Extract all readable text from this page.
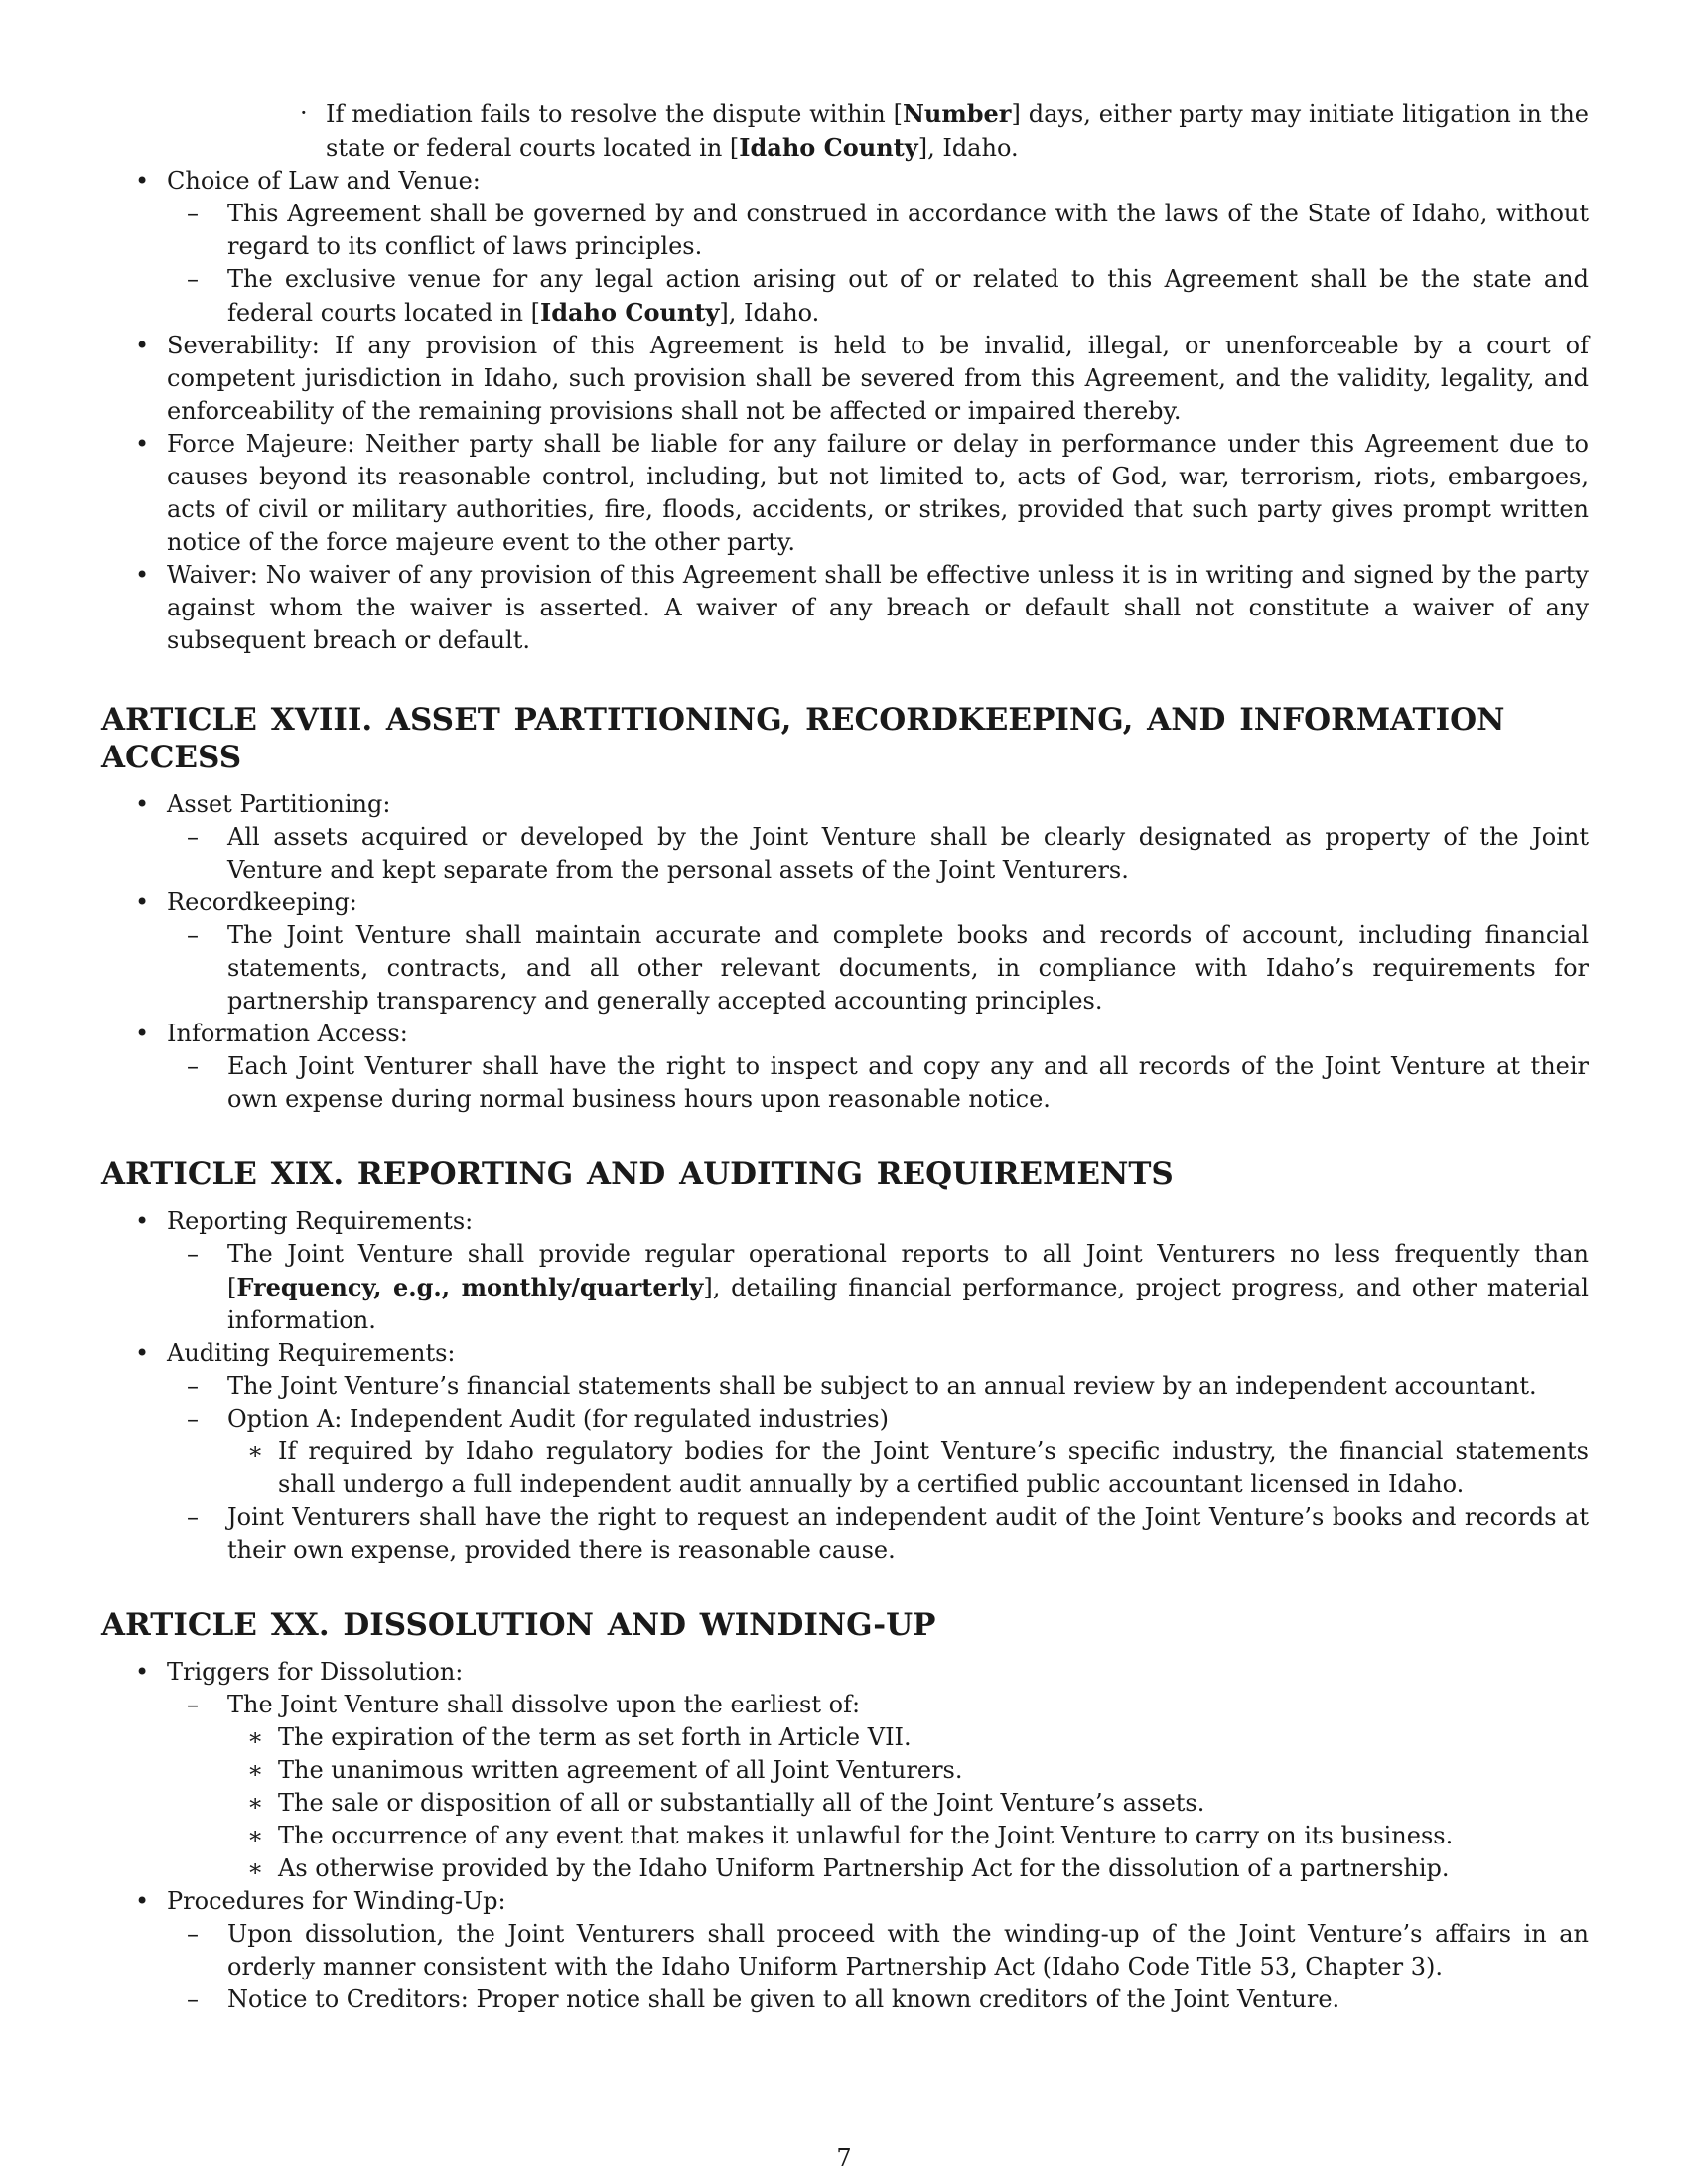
· If mediation fails to resolve the dispute within [Number] days, either party may initiate litigation in the state or federal courts located in [Idaho County], Idaho.
• Choice of Law and Venue:
– This Agreement shall be governed by and construed in accordance with the laws of the State of Idaho, without regard to its conflict of laws principles.
– The exclusive venue for any legal action arising out of or related to this Agreement shall be the state and federal courts located in [Idaho County], Idaho.
• Severability: If any provision of this Agreement is held to be invalid, illegal, or unenforceable by a court of competent jurisdiction in Idaho, such provision shall be severed from this Agreement, and the validity, legality, and enforceability of the remaining provisions shall not be affected or impaired thereby.
• Force Majeure: Neither party shall be liable for any failure or delay in performance under this Agreement due to causes beyond its reasonable control, including, but not limited to, acts of God, war, terrorism, riots, embargoes, acts of civil or military authorities, fire, floods, accidents, or strikes, provided that such party gives prompt written notice of the force majeure event to the other party.
• Waiver: No waiver of any provision of this Agreement shall be effective unless it is in writing and signed by the party against whom the waiver is asserted. A waiver of any breach or default shall not constitute a waiver of any subsequent breach or default.
ARTICLE XVIII. ASSET PARTITIONING, RECORDKEEPING, AND INFORMATION ACCESS
• Asset Partitioning:
– All assets acquired or developed by the Joint Venture shall be clearly designated as property of the Joint Venture and kept separate from the personal assets of the Joint Venturers.
• Recordkeeping:
– The Joint Venture shall maintain accurate and complete books and records of account, including financial statements, contracts, and all other relevant documents, in compliance with Idaho’s requirements for partnership transparency and generally accepted accounting principles.
• Information Access:
– Each Joint Venturer shall have the right to inspect and copy any and all records of the Joint Venture at their own expense during normal business hours upon reasonable notice.
ARTICLE XIX. REPORTING AND AUDITING REQUIREMENTS
• Reporting Requirements:
– The Joint Venture shall provide regular operational reports to all Joint Venturers no less frequently than [Frequency, e.g., monthly/quarterly], detailing financial performance, project progress, and other material information.
• Auditing Requirements:
– The Joint Venture’s financial statements shall be subject to an annual review by an independent accountant.
– Option A: Independent Audit (for regulated industries)
∗ If required by Idaho regulatory bodies for the Joint Venture’s specific industry, the financial statements shall undergo a full independent audit annually by a certified public accountant licensed in Idaho.
– Joint Venturers shall have the right to request an independent audit of the Joint Venture’s books and records at their own expense, provided there is reasonable cause.
ARTICLE XX. DISSOLUTION AND WINDING-UP
• Triggers for Dissolution:
– The Joint Venture shall dissolve upon the earliest of:
∗ The expiration of the term as set forth in Article VII.
∗ The unanimous written agreement of all Joint Venturers.
∗ The sale or disposition of all or substantially all of the Joint Venture’s assets.
∗ The occurrence of any event that makes it unlawful for the Joint Venture to carry on its business.
∗ As otherwise provided by the Idaho Uniform Partnership Act for the dissolution of a partnership.
• Procedures for Winding-Up:
– Upon dissolution, the Joint Venturers shall proceed with the winding-up of the Joint Venture’s affairs in an orderly manner consistent with the Idaho Uniform Partnership Act (Idaho Code Title 53, Chapter 3).
– Notice to Creditors: Proper notice shall be given to all known creditors of the Joint Venture.
7
